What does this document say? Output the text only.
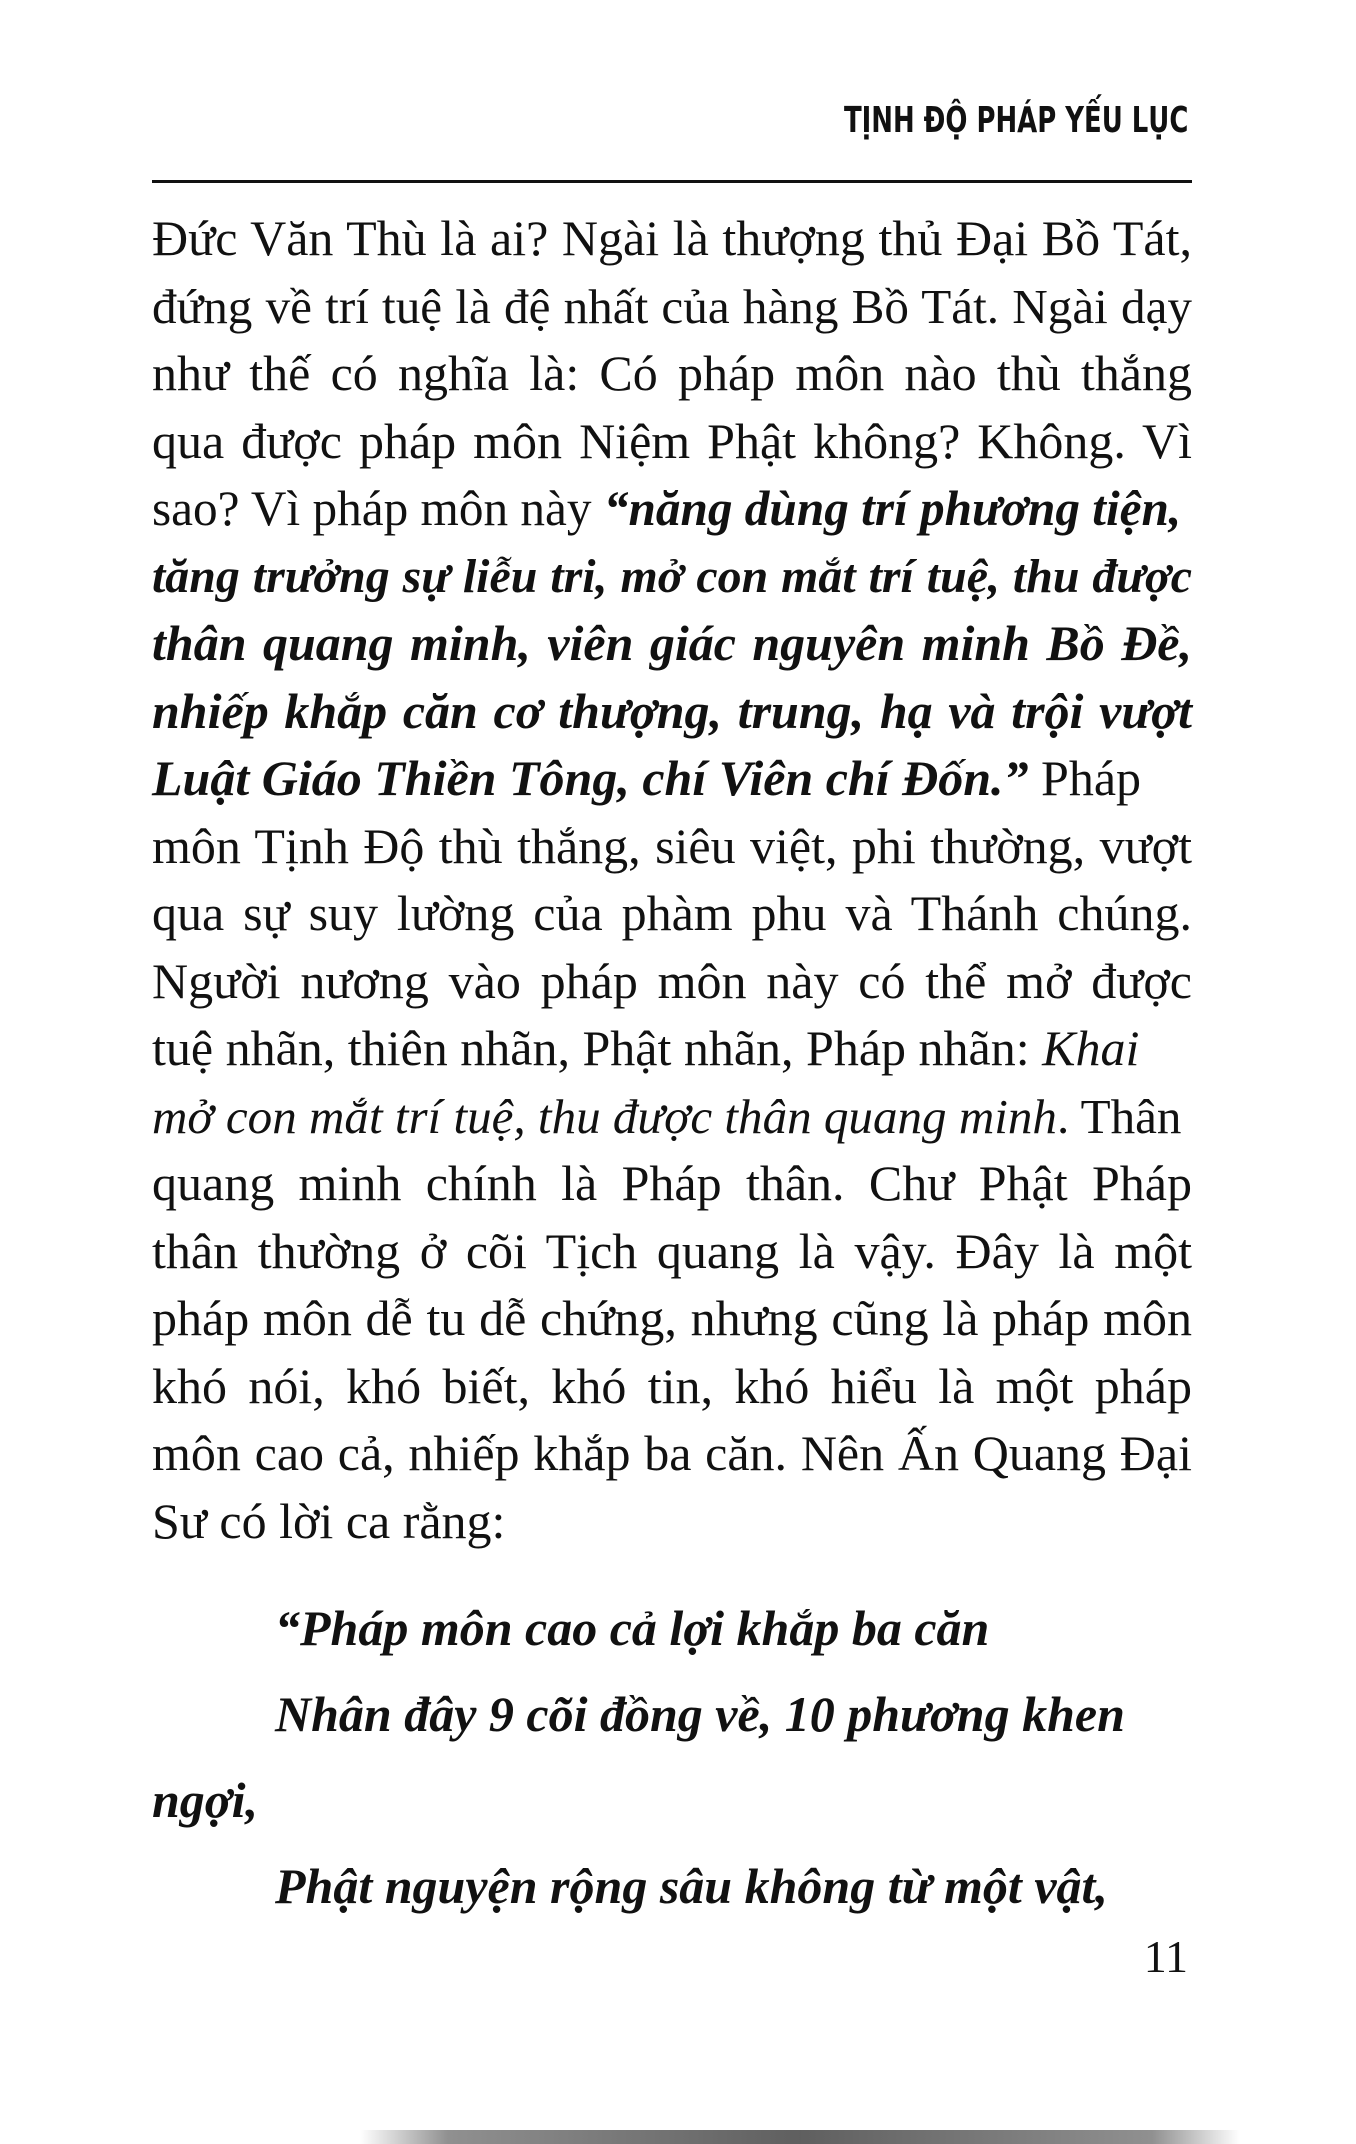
TỊNH ĐỘ PHÁP YẾU LỤC
Đức Văn Thù là ai? Ngài là thượng thủ Đại Bồ Tát,
đứng về trí tuệ là đệ nhất của hàng Bồ Tát. Ngài dạy
như thế có nghĩa là: Có pháp môn nào thù thắng
qua được pháp môn Niệm Phật không? Không. Vì
sao? Vì pháp môn này “năng dùng trí phương tiện,
tăng trưởng sự liễu tri, mở con mắt trí tuệ, thu được
thân quang minh, viên giác nguyên minh Bồ Đề,
nhiếp khắp căn cơ thượng, trung, hạ và trội vượt
Luật Giáo Thiền Tông, chí Viên chí Đốn.” Pháp
môn Tịnh Độ thù thắng, siêu việt, phi thường, vượt
qua sự suy lường của phàm phu và Thánh chúng.
Người nương vào pháp môn này có thể mở được
tuệ nhãn, thiên nhãn, Phật nhãn, Pháp nhãn: Khai
mở con mắt trí tuệ, thu được thân quang minh. Thân
quang minh chính là Pháp thân. Chư Phật Pháp
thân thường ở cõi Tịch quang là vậy. Đây là một
pháp môn dễ tu dễ chứng, nhưng cũng là pháp môn
khó nói, khó biết, khó tin, khó hiểu là một pháp
môn cao cả, nhiếp khắp ba căn. Nên Ấn Quang Đại
Sư có lời ca rằng:
“Pháp môn cao cả lợi khắp ba căn
Nhân đây 9 cõi đồng về, 10 phương khen
ngợi,
Phật nguyện rộng sâu không từ một vật,
11
